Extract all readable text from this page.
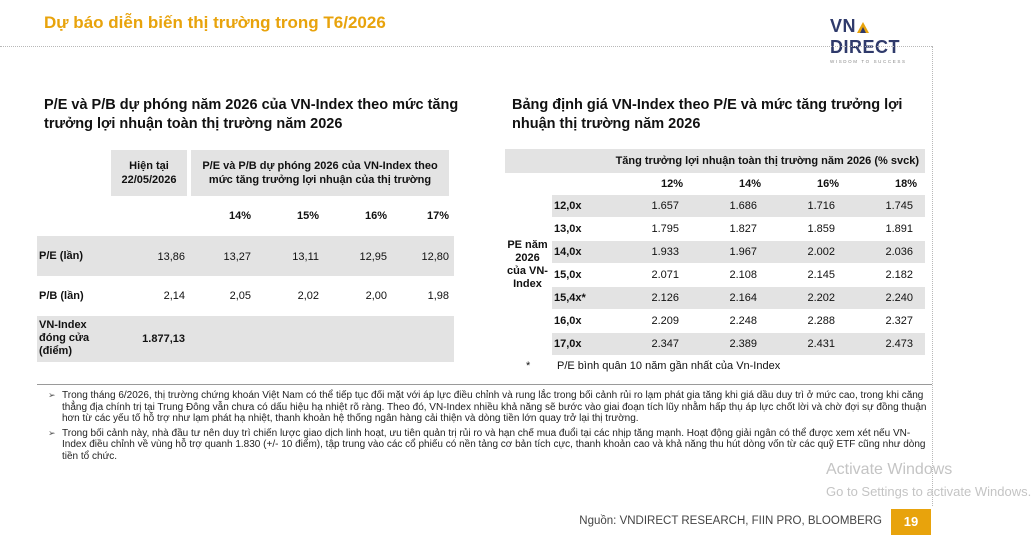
Dự báo diễn biến thị trường trong T6/2026	VNDIRECT
WISDOM TO SUCCESS
P/E và P/B dự phóng năm 2026 của VN-Index theo mức tăng trưởng lợi nhuận toàn thị trường năm 2026
Hiện tại 22/05/2026
P/E và P/B dự phóng 2026 của VN-Index theo mức tăng trưởng lợi nhuận của thị trường
14%	15%	16%	17%
P/E (lần)	13,86	13,27	13,11	12,95	12,80
P/B (lần)	2,14	2,05	2,02	2,00	1,98
VN-Index đóng cửa (điểm)
1.877,13
Bảng định giá VN-Index theo P/E và mức tăng trưởng lợi nhuận thị trường năm 2026
Tăng trưởng lợi nhuận toàn thị trường năm 2026 (% svck)
12%	14%	16%	18%
12,0x	1.657	1.686	1.716	1.745
13,0x	1.795	1.827	1.859	1.891
14,0x	1.933	1.967	2.002	2.036
15,0x	2.071	2.108	2.145	2.182
15,4x*	2.126	2.164	2.202	2.240
16,0x	2.209	2.248	2.288	2.327
17,0x	2.347	2.389	2.431	2.473
* P/E bình quân 10 năm gần nhất của Vn-Index
PE năm 2026 của VN-Index
➢ Trong tháng 6/2026, thị trường chứng khoán Việt Nam có thể tiếp tục đối mặt với áp lực điều chỉnh và rung lắc trong bối cảnh rủi ro lạm phát gia tăng khi giá dầu duy trì ở mức cao, trong khi căng thẳng địa chính trị tại Trung Đông vẫn chưa có dấu hiệu hạ nhiệt rõ ràng. Theo đó, VN-Index nhiều khả năng sẽ bước vào giai đoạn tích lũy nhằm hấp thụ áp lực chốt lời và chờ đợi sự đồng thuận hơn từ các yếu tố hỗ trợ như lạm phát hạ nhiệt, thanh khoản hệ thống ngân hàng cải thiện và dòng tiền lớn quay trở lại thị trường.
➢ Trong bối cảnh này, nhà đầu tư nên duy trì chiến lược giao dịch linh hoạt, ưu tiên quản trị rủi ro và hạn chế mua đuổi tại các nhịp tăng mạnh. Hoạt động giải ngân có thể được xem xét nếu VN-Index điều chỉnh về vùng hỗ trợ quanh 1.830 (+/- 10 điểm), tập trung vào các cổ phiếu có nền tảng cơ bản tích cực, thanh khoản cao và khả năng thu hút dòng vốn từ các quỹ ETF cũng như dòng tiền tổ chức.
Activate Windows
Go to Settings to activate Windows.
Nguồn: VNDIRECT RESEARCH, FIIN PRO, BLOOMBERG	19
